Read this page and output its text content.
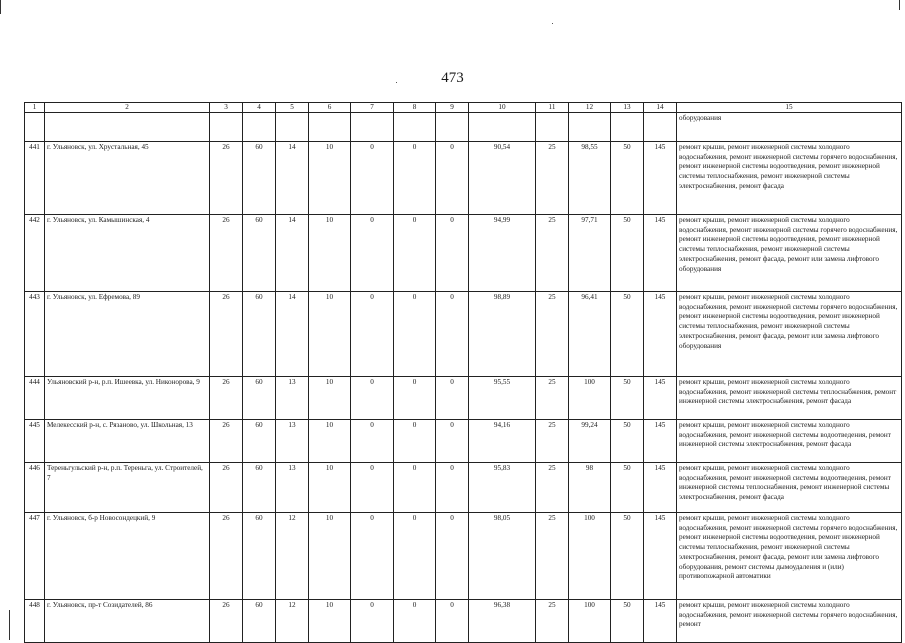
473
1	2	3	4	5	6	7	8	9	10	11	12	13	14	15
														оборудования
441	г. Ульяновск, ул. Хрустальная, 45	26	60	14	10	0	0	0	90,54	25	98,55	50	145	ремонт крыши, ремонт инженерной системы холодного водоснабжения, ремонт инженерной системы горячего водоснабжения, ремонт инженерной системы водоотведения, ремонт инженерной системы теплоснабжения, ремонт инженерной системы электроснабжения, ремонт фасада
442	г. Ульяновск, ул. Камышинская, 4	26	60	14	10	0	0	0	94,99	25	97,71	50	145	ремонт крыши, ремонт инженерной системы холодного водоснабжения, ремонт инженерной системы горячего водоснабжения, ремонт инженерной системы водоотведения, ремонт инженерной системы теплоснабжения, ремонт инженерной системы электроснабжения, ремонт фасада, ремонт или замена лифтового оборудования
443	г. Ульяновск, ул. Ефремова, 89	26	60	14	10	0	0	0	98,89	25	96,41	50	145	ремонт крыши, ремонт инженерной системы холодного водоснабжения, ремонт инженерной системы горячего водоснабжения, ремонт инженерной системы водоотведения, ремонт инженерной системы теплоснабжения, ремонт инженерной системы электроснабжения, ремонт фасада, ремонт или замена лифтового оборудования
444	Ульяновский р-н, р.п. Ишеевка, ул. Никонорова, 9	26	60	13	10	0	0	0	95,55	25	100	50	145	ремонт крыши, ремонт инженерной системы холодного водоснабжения, ремонт инженерной системы теплоснабжения, ремонт инженерной системы электроснабжения, ремонт фасада
445	Мелекесский р-н, с. Рязаново, ул. Школьная, 13	26	60	13	10	0	0	0	94,16	25	99,24	50	145	ремонт крыши, ремонт инженерной системы холодного водоснабжения, ремонт инженерной системы водоотведения, ремонт инженерной системы электроснабжения, ремонт фасада
446	Тереньгульский р-н, р.п. Тереньга, ул. Строителей, 7	26	60	13	10	0	0	0	95,83	25	98	50	145	ремонт крыши, ремонт инженерной системы холодного водоснабжения, ремонт инженерной системы водоотведения, ремонт инженерной системы теплоснабжения, ремонт инженерной системы электроснабжения, ремонт фасада
447	г. Ульяновск, б-р Новосондецкий, 9	26	60	12	10	0	0	0	98,05	25	100	50	145	ремонт крыши, ремонт инженерной системы холодного водоснабжения, ремонт инженерной системы горячего водоснабжения, ремонт инженерной системы водоотведения, ремонт инженерной системы теплоснабжения, ремонт инженерной системы электроснабжения, ремонт фасада, ремонт или замена лифтового оборудования, ремонт системы дымоудаления и (или) противопожарной автоматики
448	г. Ульяновск, пр-т Созидателей, 86	26	60	12	10	0	0	0	96,38	25	100	50	145	ремонт крыши, ремонт инженерной системы холодного водоснабжения, ремонт инженерной системы горячего водоснабжения, ремонт
